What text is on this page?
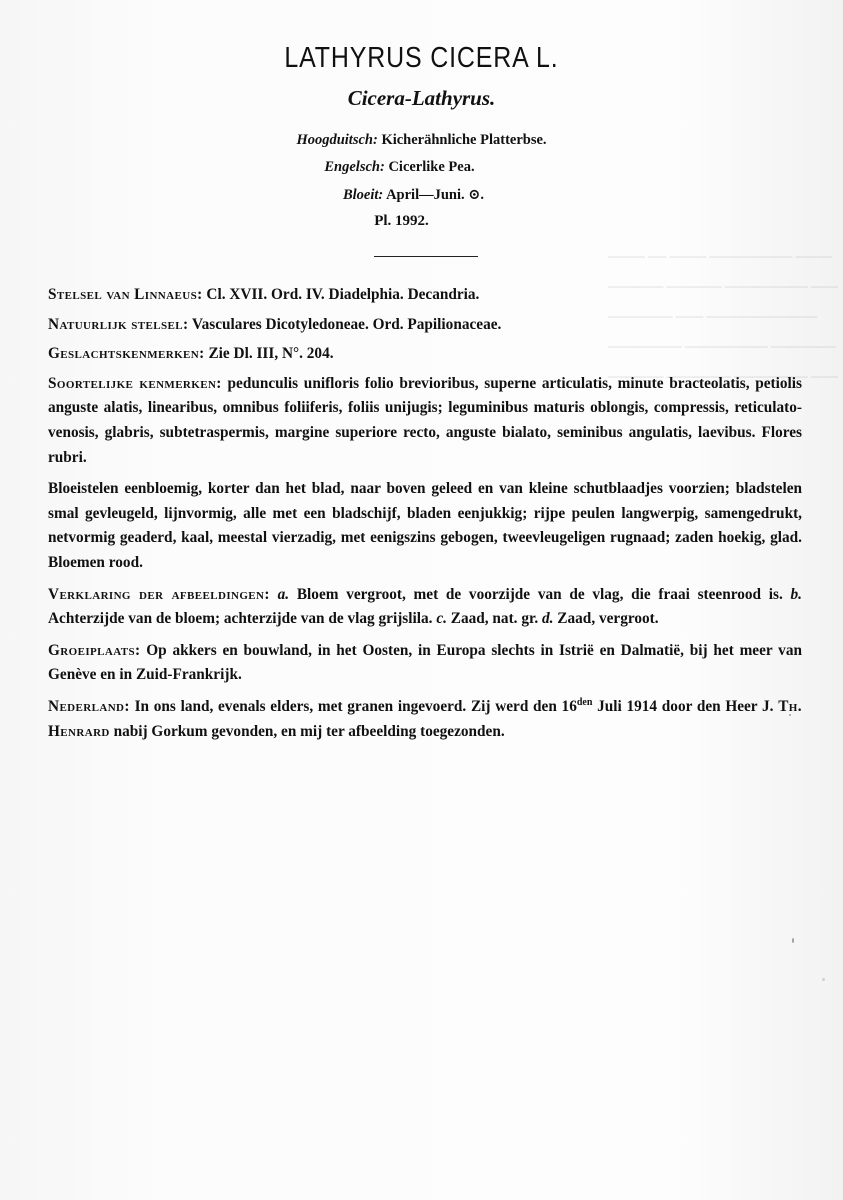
▁▁▁▁ ▁▁ ▁▁▁▁ ▁▁▁▁▁▁▁▁▁ ▁▁▁▁
▁▁▁▁▁▁ ▁▁▁▁▁▁ ▁▁▁▁▁▁▁▁▁ ▁▁▁
▁▁▁▁▁▁▁ ▁▁▁ ▁▁▁▁▁▁▁▁▁▁▁▁
▁▁▁▁▁▁▁▁ ▁▁▁▁▁▁▁▁▁ ▁▁▁▁▁▁▁
▁▁▁▁▁▁ ▁▁▁▁▁▁▁ ▁▁▁▁▁▁▁▁ ▁▁▁
LATHYRUS CICERA L.
Cicera-Lathyrus.
Hoogduitsch: Kicherähnliche Platterbse.
Engelsch: Cicerlike Pea.
Bloeit: April—Juni. ⊙.
Pl. 1992.

Stelsel van Linnaeus: Cl. XVII. Ord. IV. Diadelphia. Decandria.

Natuurlijk stelsel: Vasculares Dicotyledoneae. Ord. Papilionaceae.

Geslachtskenmerken: Zie Dl. III, N°. 204.

Soortelijke kenmerken: pedunculis unifloris folio brevioribus, superne articulatis, minute bracteolatis, petiolis anguste alatis, linearibus, omnibus foliiferis, foliis unijugis; leguminibus maturis oblongis, compressis, reticulato-venosis, glabris, subtetraspermis, margine superiore recto, anguste bialato, seminibus angulatis, laevibus. Flores rubri.

Bloeistelen eenbloemig, korter dan het blad, naar boven geleed en van kleine schutblaadjes voorzien; bladstelen smal gevleugeld, lijnvormig, alle met een bladschijf, bladen eenjukkig; rijpe peulen langwerpig, samengedrukt, netvormig geaderd, kaal, meestal vierzadig, met eenigszins gebogen, tweevleugeligen rugnaad; zaden hoekig, glad. Bloemen rood.

Verklaring der afbeeldingen: a. Bloem vergroot, met de voorzijde van de vlag, die fraai steenrood is. b. Achterzijde van de bloem; achterzijde van de vlag grijslila. c. Zaad, nat. gr. d. Zaad, vergroot.

Groeiplaats: Op akkers en bouwland, in het Oosten, in Europa slechts in Istrië en Dalmatië, bij het meer van Genève en in Zuid-Frankrijk.

Nederland: In ons land, evenals elders, met granen ingevoerd. Zij werd den $16^{den}$ Juli 1914 door den Heer J. Th. Henrard nabij Gorkum gevonden, en mij ter afbeelding toegezonden.
